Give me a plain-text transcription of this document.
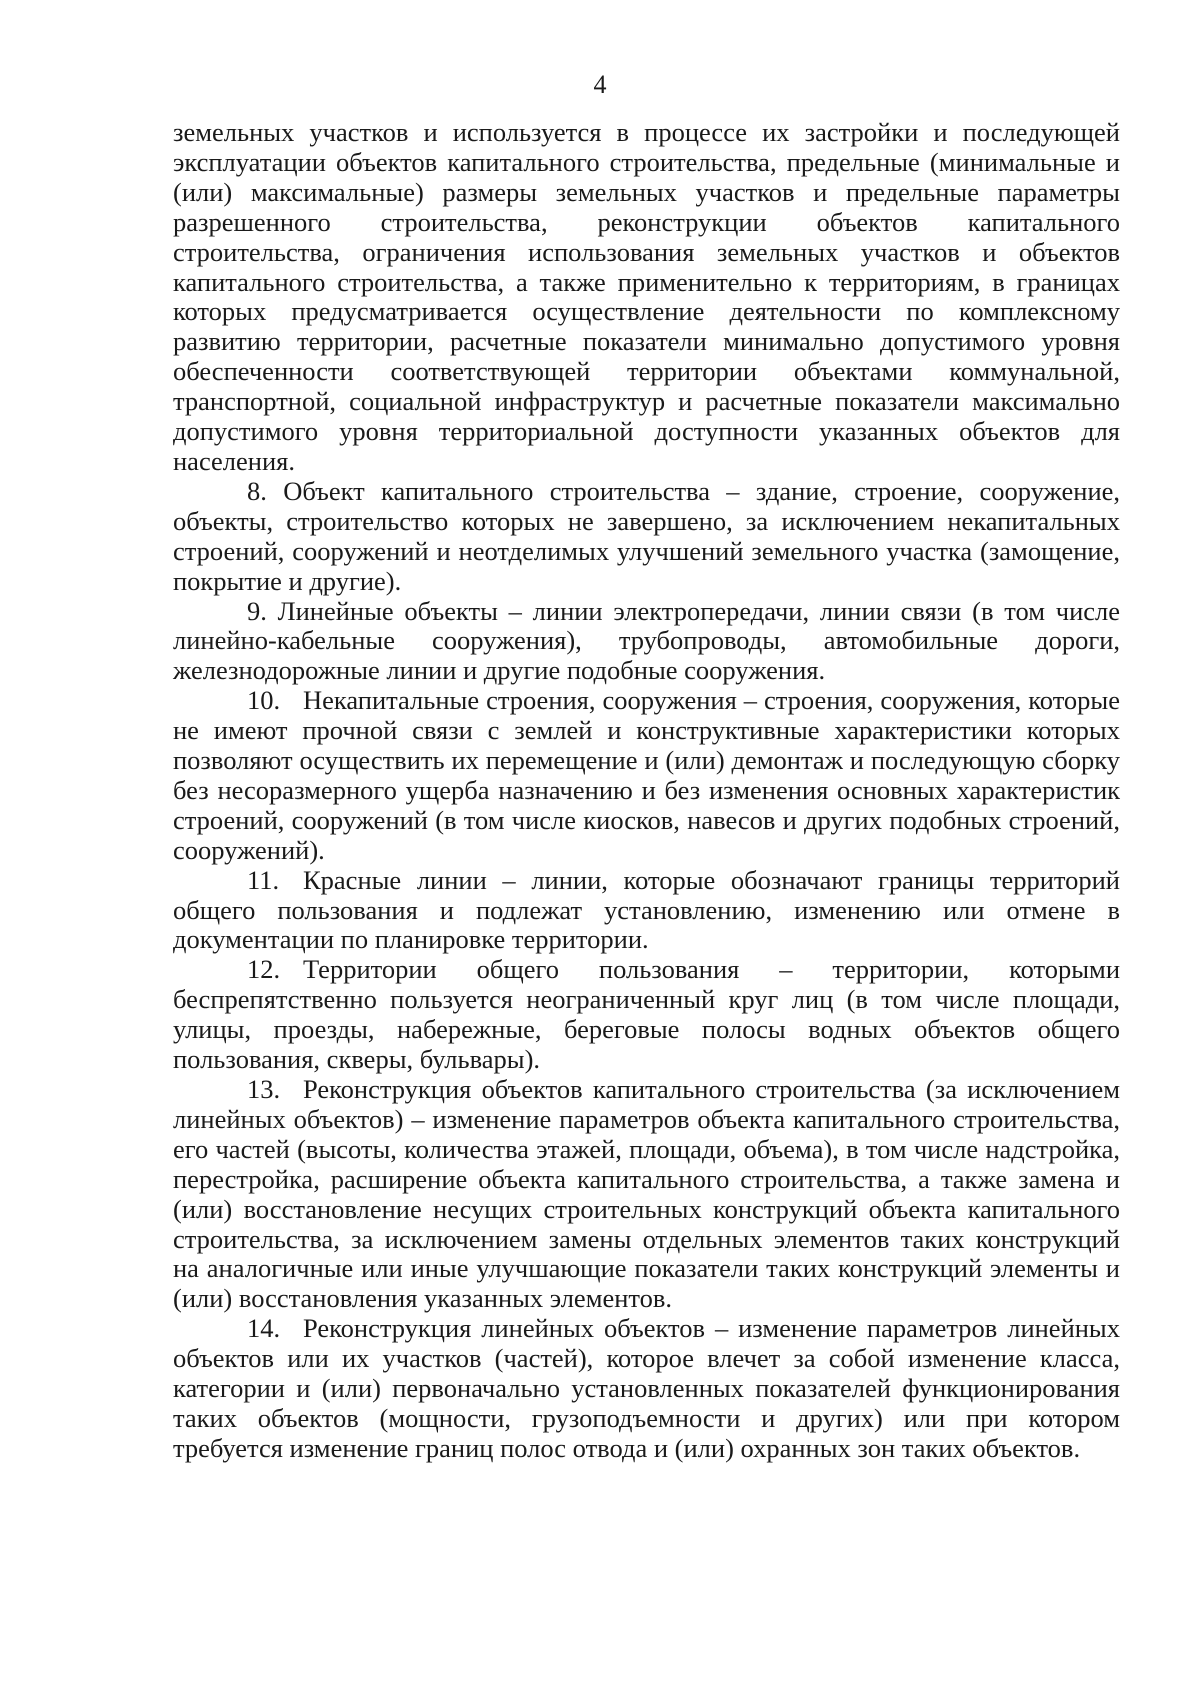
4

земельных участков и используется в процессе их застройки и последующей эксплуатации объектов капитального строительства, предельные (минимальные и (или) максимальные) размеры земельных участков и предельные параметры разрешенного строительства, реконструкции объектов капитального строительства, ограничения использования земельных участков и объектов капитального строительства, а также применительно к территориям, в границах которых предусматривается осуществление деятельности по комплексному развитию территории, расчетные показатели минимально допустимого уровня обеспеченности соответствующей территории объектами коммунальной, транспортной, социальной инфраструктур и расчетные показатели максимально допустимого уровня территориальной доступности указанных объектов для населения.

8. Объект капитального строительства – здание, строение, сооружение, объекты, строительство которых не завершено, за исключением некапитальных строений, сооружений и неотделимых улучшений земельного участка (замощение, покрытие и другие).

9. Линейные объекты – линии электропередачи, линии связи (в том числе линейно-кабельные сооружения), трубопроводы, автомобильные дороги, железнодорожные линии и другие подобные сооружения.

10. Некапитальные строения, сооружения – строения, сооружения, которые не имеют прочной связи с землей и конструктивные характеристики которых позволяют осуществить их перемещение и (или) демонтаж и последующую сборку без несоразмерного ущерба назначению и без изменения основных характеристик строений, сооружений (в том числе киосков, навесов и других подобных строений, сооружений).

11. Красные линии – линии, которые обозначают границы территорий общего пользования и подлежат установлению, изменению или отмене в документации по планировке территории.

12. Территории общего пользования – территории, которыми беспрепятственно пользуется неограниченный круг лиц (в том числе площади, улицы, проезды, набережные, береговые полосы водных объектов общего пользования, скверы, бульвары).

13. Реконструкция объектов капитального строительства (за исключением линейных объектов) – изменение параметров объекта капитального строительства, его частей (высоты, количества этажей, площади, объема), в том числе надстройка, перестройка, расширение объекта капитального строительства, а также замена и (или) восстановление несущих строительных конструкций объекта капитального строительства, за исключением замены отдельных элементов таких конструкций на аналогичные или иные улучшающие показатели таких конструкций элементы и (или) восстановления указанных элементов.

14. Реконструкция линейных объектов – изменение параметров линейных объектов или их участков (частей), которое влечет за собой изменение класса, категории и (или) первоначально установленных показателей функционирования таких объектов (мощности, грузоподъемности и других) или при котором требуется изменение границ полос отвода и (или) охранных зон таких объектов.
